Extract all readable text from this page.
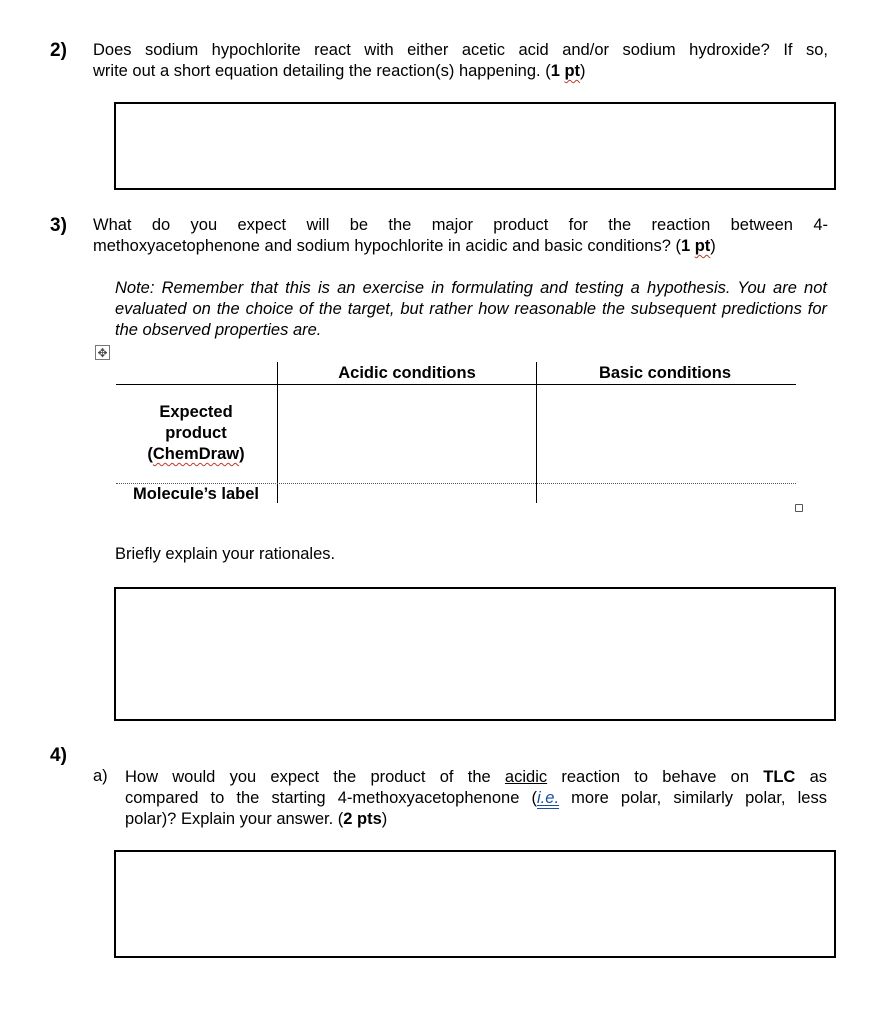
2) Does sodium hypochlorite react with either acetic acid and/or sodium hydroxide? If so,
write out a short equation detailing the reaction(s) happening. (1 pt)
3) What do you expect will be the major product for the reaction between 4-
methoxyacetophenone and sodium hypochlorite in acidic and basic conditions? (1 pt)
Note: Remember that this is an exercise in formulating and testing a hypothesis. You are not evaluated on the choice of the target, but rather how reasonable the subsequent predictions for the observed properties are.
✥
Acidic conditions	Basic conditions
Expected
product
(ChemDraw)
Molecule’s label
Briefly explain your rationales.
4)
a) How would you expect the product of the acidic reaction to behave on TLC as
compared to the starting 4-methoxyacetophenone (i.e. more polar, similarly polar, less
polar)? Explain your answer. (2 pts)
